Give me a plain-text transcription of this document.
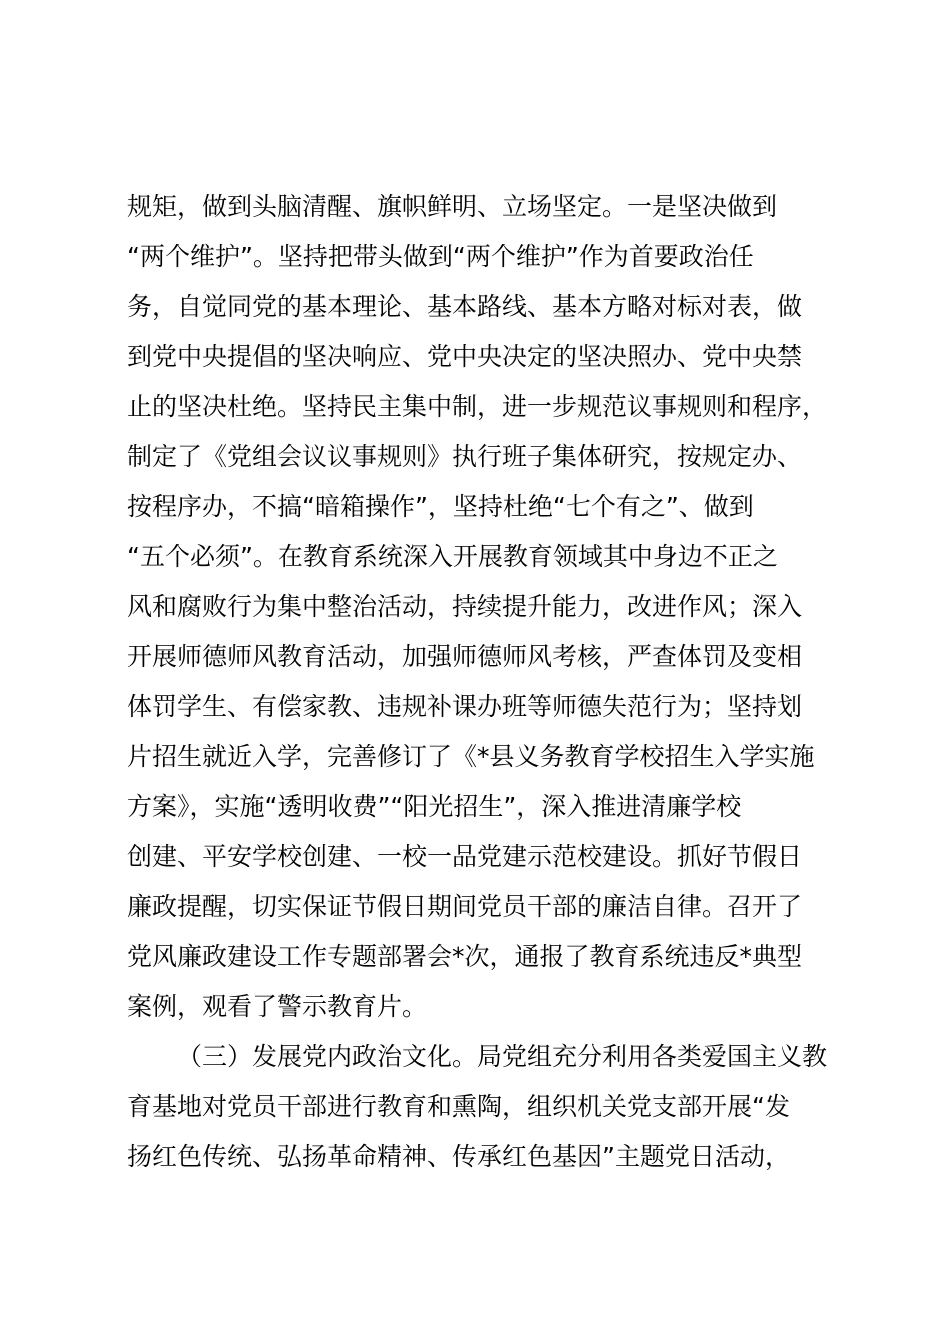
规矩，做到头脑清醒、旗帜鲜明、立场坚定。一是坚决做到
“两个维护”。坚持把带头做到“两个维护”作为首要政治任
务，自觉同党的基本理论、基本路线、基本方略对标对表，做
到党中央提倡的坚决响应、党中央决定的坚决照办、党中央禁
止的坚决杜绝。坚持民主集中制，进一步规范议事规则和程序，
制定了《党组会议议事规则》执行班子集体研究，按规定办、
按程序办，不搞“暗箱操作”，坚持杜绝“七个有之”、做到
“五个必须”。在教育系统深入开展教育领域其中身边不正之
风和腐败行为集中整治活动，持续提升能力，改进作风；深入
开展师德师风教育活动，加强师德师风考核，严查体罚及变相
体罚学生、有偿家教、违规补课办班等师德失范行为；坚持划
片招生就近入学，完善修订了《*县义务教育学校招生入学实施
方案》，实施“透明收费”“阳光招生”，深入推进清廉学校
创建、平安学校创建、一校一品党建示范校建设。抓好节假日
廉政提醒，切实保证节假日期间党员干部的廉洁自律。召开了
党风廉政建设工作专题部署会*次，通报了教育系统违反*典型
案例，观看了警示教育片。
（三）发展党内政治文化。局党组充分利用各类爱国主义教
育基地对党员干部进行教育和熏陶，组织机关党支部开展“发
扬红色传统、弘扬革命精神、传承红色基因”主题党日活动，
